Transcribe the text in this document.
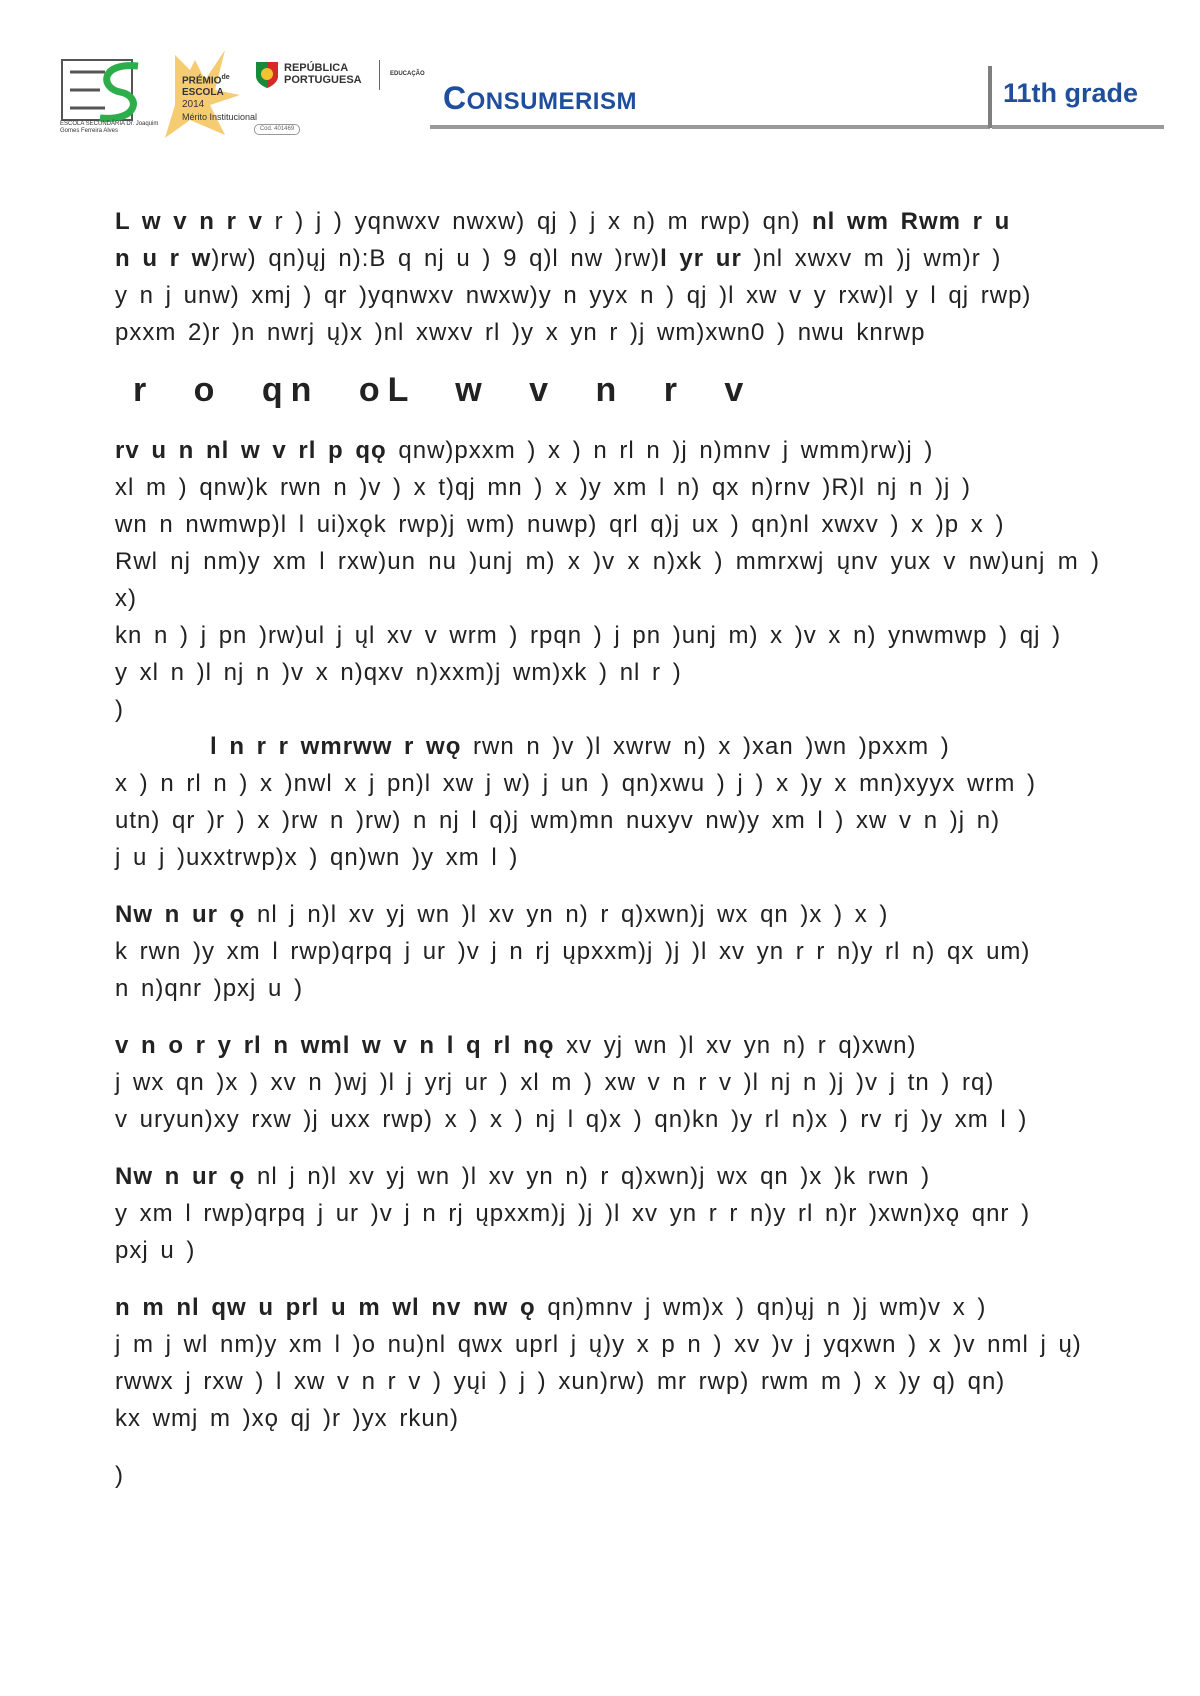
ESCOLA SECUNDÁRIA Dr. Joaquim Gomes Ferreira Alves
$PRÉMIO^{de}$
ESCOLA
2014
Mérito Institucional
Cod. 401469
REPÚBLICA
PORTUGUESA	EDUCAÇÃO
CONSUMERISM	11th grade

L w v n r v r ) j ) yqnwxv nwxw) qj ) j x n) m rwp) qn) nl wm Rwm r u
n u r w)rw) qn)ųj n):B q nj u ) 9 q)l nw )rw)l yr ur )nl xwxv m )j wm)r )
y n j unw) xmj ) qr )yqnwxv nwxw)y n yyx n ) qj )l xw v y rxw)l y l qj rwp)
pxxm 2)r )n nwrj ų)x )nl xwxv rl )y x yn r )j wm)xwn0 ) nwu knrwp

r o qn oL w v n r v

rv u n nl w v rl p qǫ qnw)pxxm ) x ) n rl n )j n)mnv j wmm)rw)j )
xl m ) qnw)k rwn n )v ) x t)qj mn ) x )y xm l n) qx n)rnv )R)l nj n )j )
wn n nwmwp)l l ui)xǫk rwp)j wm) nuwp) qrl q)j ux ) qn)nl xwxv ) x )p x )
Rwl nj nm)y xm l rxw)un nu )unj m) x )v x n)xk ) mmrxwj ųnv yux v nw)unj m ) x)
kn n ) j pn )rw)ul j ųl xv v wrm ) rpqn ) j pn )unj m) x )v x n) ynwmwp ) qj )
y xl n )l nj n )v x n)qxv n)xxm)j wm)xk ) nl r )
)

l n r r wmrww r wǫ rwn n )v )l xwrw n) x )xan )wn )pxxm )
x ) n rl n ) x )nwl x j pn)l xw j w) j un ) qn)xwu ) j ) x )y x mn)xyyx wrm )
utn) qr )r ) x )rw n )rw) n nj l q)j wm)mn nuxyv nw)y xm l ) xw v n )j n)
j u j )uxxtrwp)x ) qn)wn )y xm l )

Nw n ur ǫ nl j n)l xv yj wn )l xv yn n) r q)xwn)j wx qn )x ) x )
k rwn )y xm l rwp)qrpq j ur )v j n rj ųpxxm)j )j )l xv yn r r n)y rl n) qx um)
n n)qnr )pxj u )

v n o r y rl n wml w v n l q rl nǫ xv yj wn )l xv yn n) r q)xwn)
j wx qn )x ) xv n )wj )l j yrj ur ) xl m ) xw v n r v )l nj n )j )v j tn ) rq)
v uryun)xy rxw )j uxx rwp) x ) x ) nj l q)x ) qn)kn )y rl n)x ) rv rj )y xm l )

Nw n ur ǫ nl j n)l xv yj wn )l xv yn n) r q)xwn)j wx qn )x )k rwn )
y xm l rwp)qrpq j ur )v j n rj ųpxxm)j )j )l xv yn r r n)y rl n)r )xwn)xǫ qnr )
pxj u )

n m nl qw u prl u m wl nv nw ǫ qn)mnv j wm)x ) qn)ųj n )j wm)v x )
j m j wl nm)y xm l )o nu)nl qwx uprl j ų)y x p n ) xv )v j yqxwn ) x )v nml j ų)
rwwx j rxw ) l xw v n r v ) yųi ) j ) xun)rw) mr rwp) rwm m ) x )y q) qn)
kx wmj m )xǫ qj )r )yx rkun)

)
